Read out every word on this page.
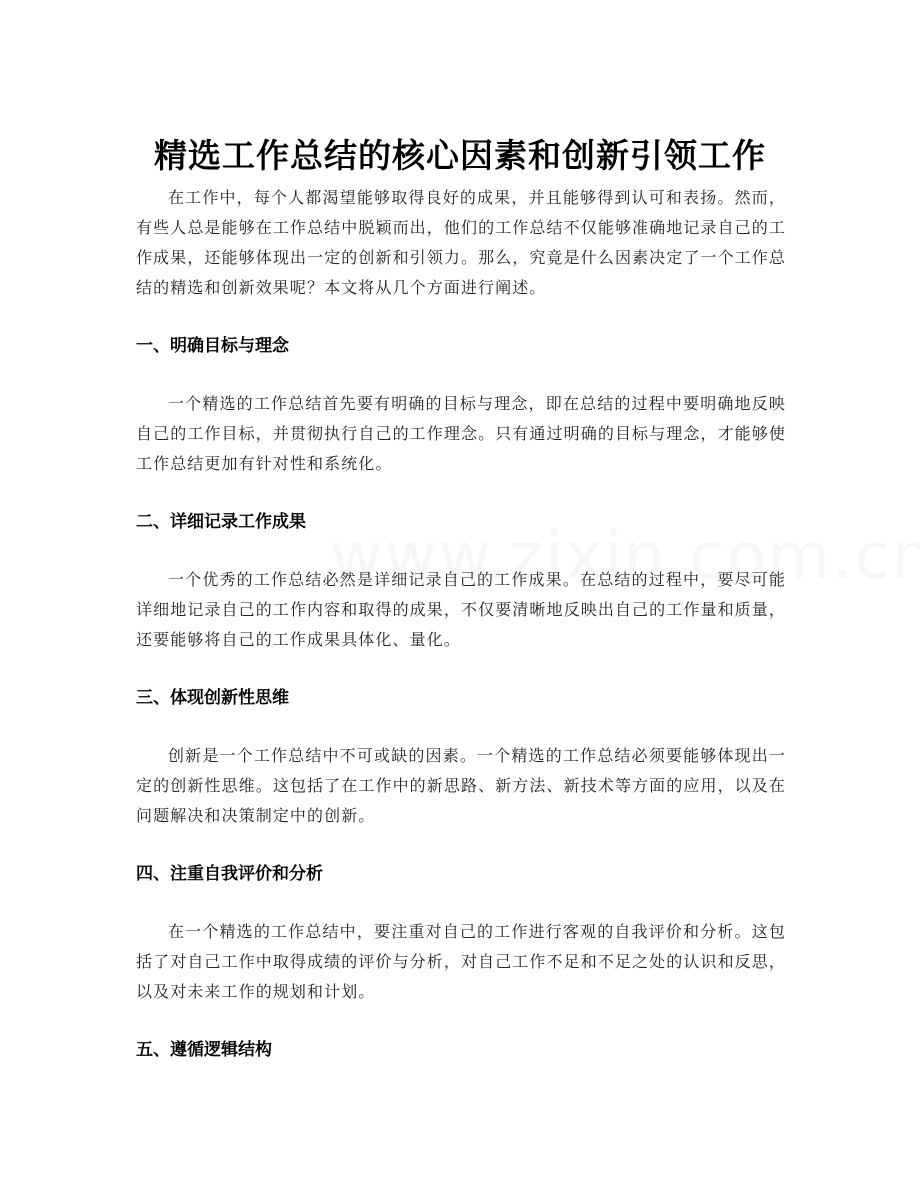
精选工作总结的核心因素和创新引领工作

在工作中，每个人都渴望能够取得良好的成果，并且能够得到认可和表扬。然而，有些人总是能够在工作总结中脱颖而出，他们的工作总结不仅能够准确地记录自己的工作成果，还能够体现出一定的创新和引领力。那么，究竟是什么因素决定了一个工作总结的精选和创新效果呢？本文将从几个方面进行阐述。

一、明确目标与理念

一个精选的工作总结首先要有明确的目标与理念，即在总结的过程中要明确地反映自己的工作目标，并贯彻执行自己的工作理念。只有通过明确的目标与理念，才能够使工作总结更加有针对性和系统化。

二、详细记录工作成果

一个优秀的工作总结必然是详细记录自己的工作成果。在总结的过程中，要尽可能详细地记录自己的工作内容和取得的成果，不仅要清晰地反映出自己的工作量和质量，还要能够将自己的工作成果具体化、量化。

三、体现创新性思维

创新是一个工作总结中不可或缺的因素。一个精选的工作总结必须要能够体现出一定的创新性思维。这包括了在工作中的新思路、新方法、新技术等方面的应用，以及在问题解决和决策制定中的创新。

四、注重自我评价和分析

在一个精选的工作总结中，要注重对自己的工作进行客观的自我评价和分析。这包括了对自己工作中取得成绩的评价与分析，对自己工作不足和不足之处的认识和反思，以及对未来工作的规划和计划。

五、遵循逻辑结构
